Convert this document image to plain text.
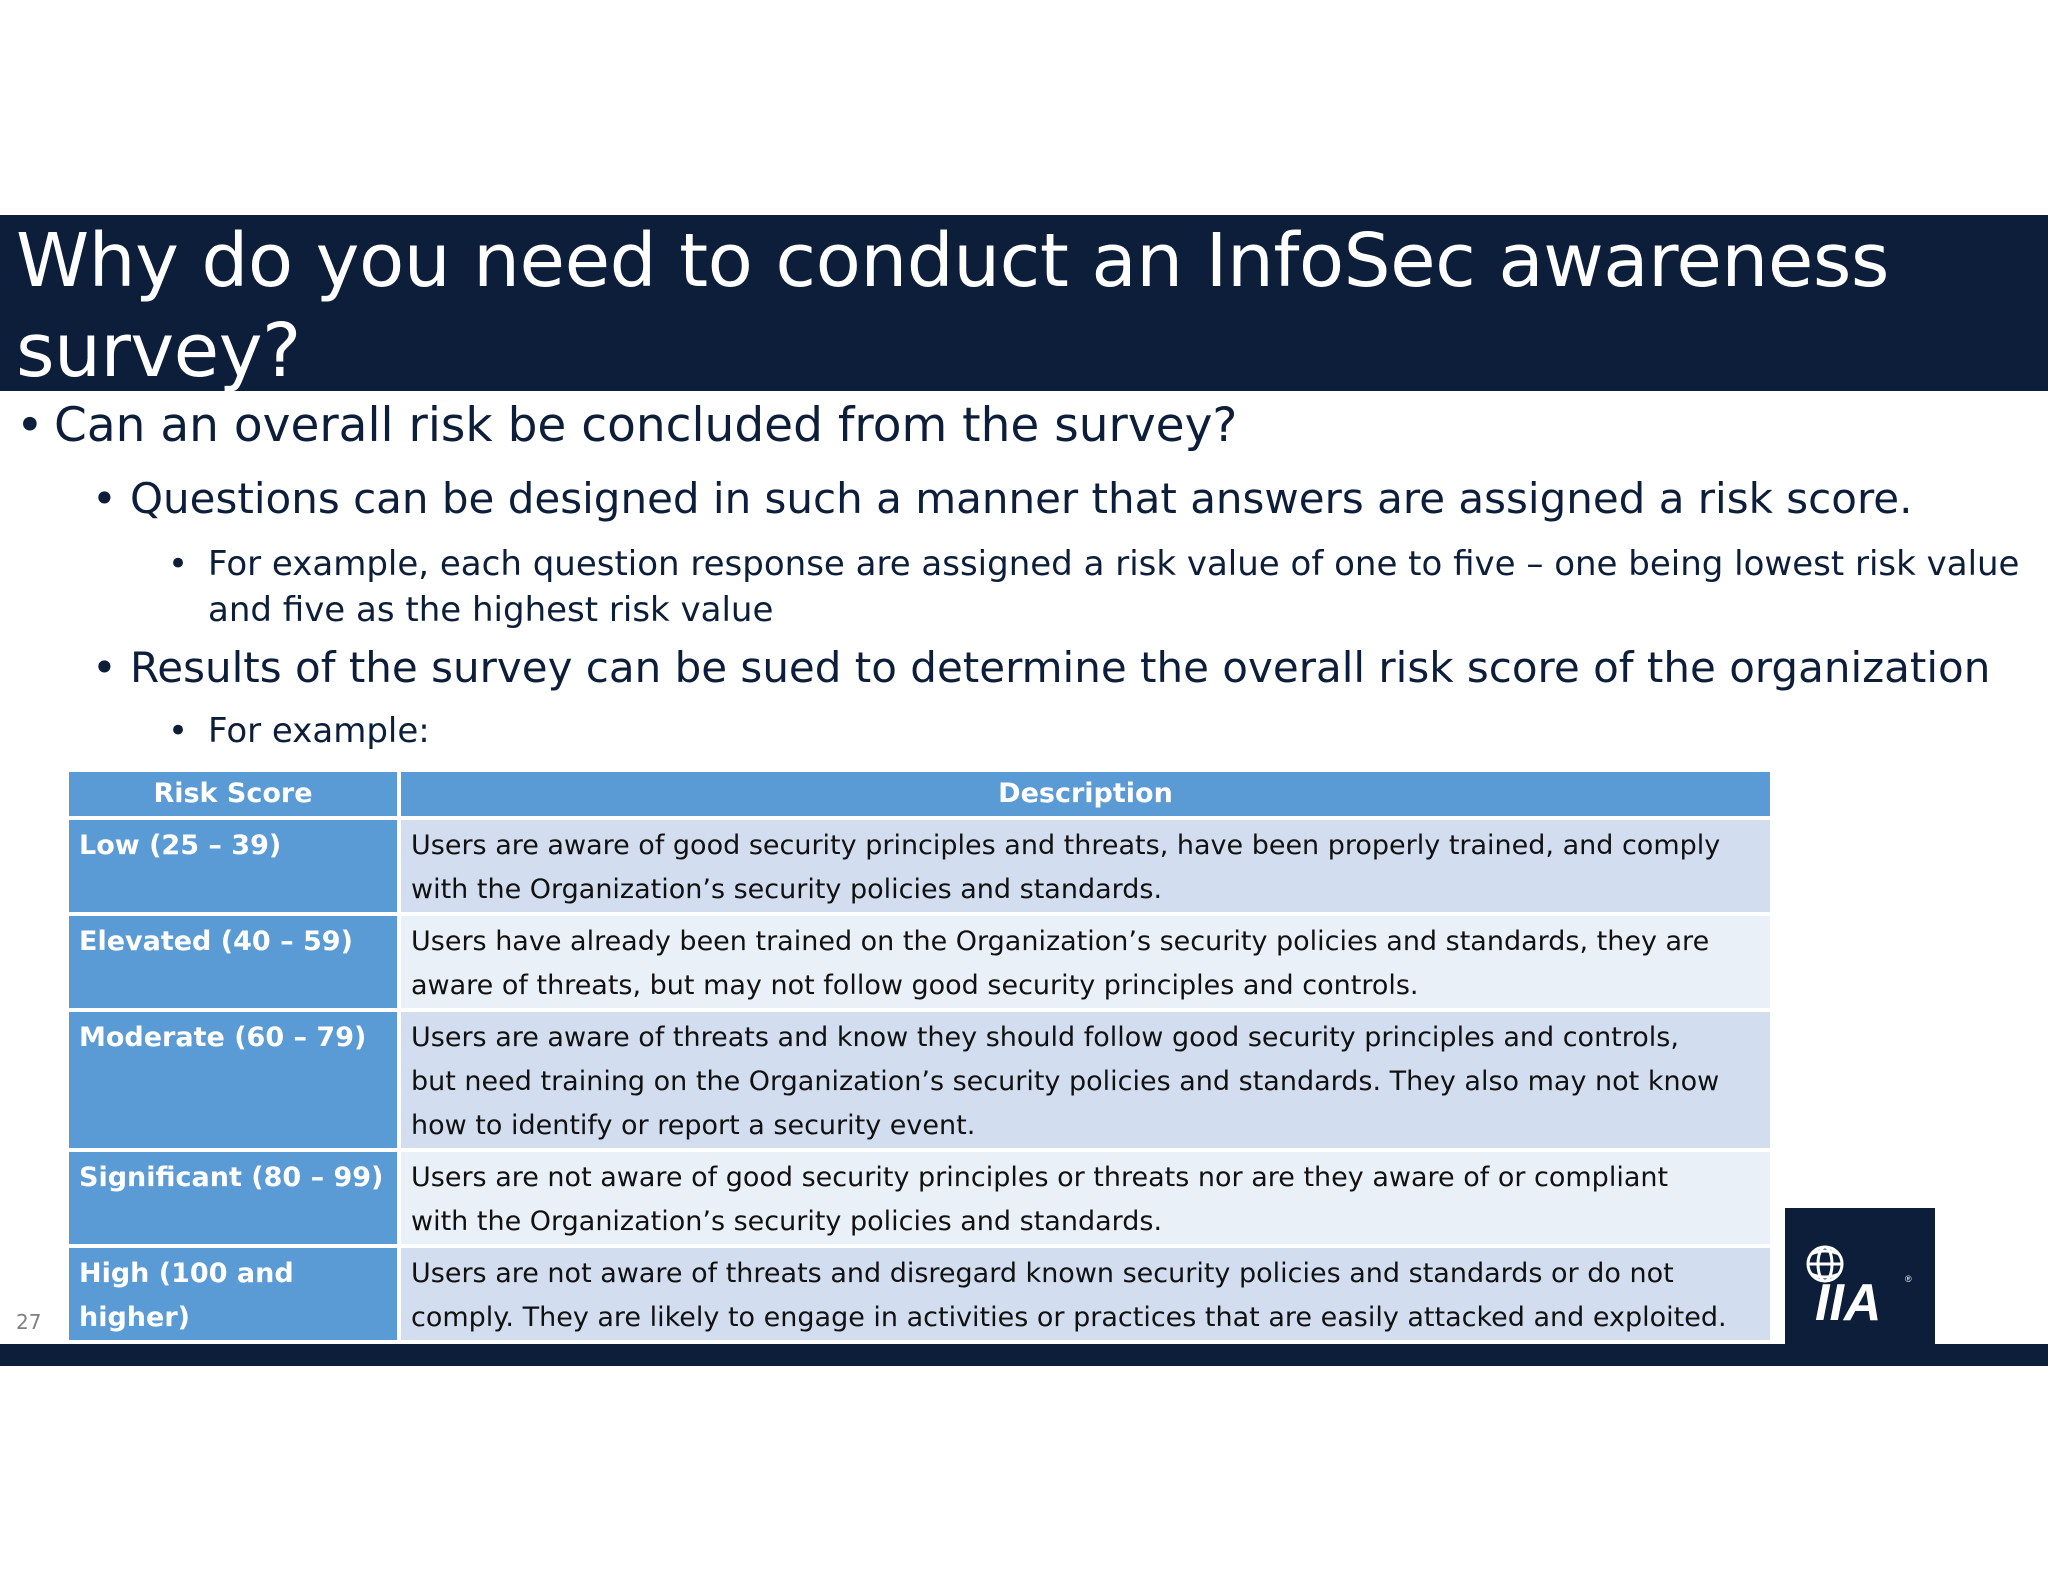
Why do you need to conduct an InfoSec awareness survey?
• Can an overall risk be concluded from the survey?
• Questions can be designed in such a manner that answers are assigned a risk score.
• For example, each question response are assigned a risk value of one to five – one being lowest risk value
and five as the highest risk value
• Results of the survey can be sued to determine the overall risk score of the organization
• For example:
Risk Score	Description
Low (25 – 39)	Users are aware of good security principles and threats, have been properly trained, and comply
with the Organization’s security policies and standards.

Elevated (40 – 59)	Users have already been trained on the Organization’s security policies and standards, they are
aware of threats, but may not follow good security principles and controls.

Moderate (60 – 79)	Users are aware of threats and know they should follow good security principles and controls,
but need training on the Organization’s security policies and standards. They also may not know
how to identify or report a security event.

Significant (80 – 99)	Users are not aware of good security principles or threats nor are they aware of or compliant
with the Organization’s security policies and standards.

High (100 and higher)	Users are not aware of threats and disregard known security policies and standards or do not
comply. They are likely to engage in activities or practices that are easily attacked and exploited.
27	IIA	®
